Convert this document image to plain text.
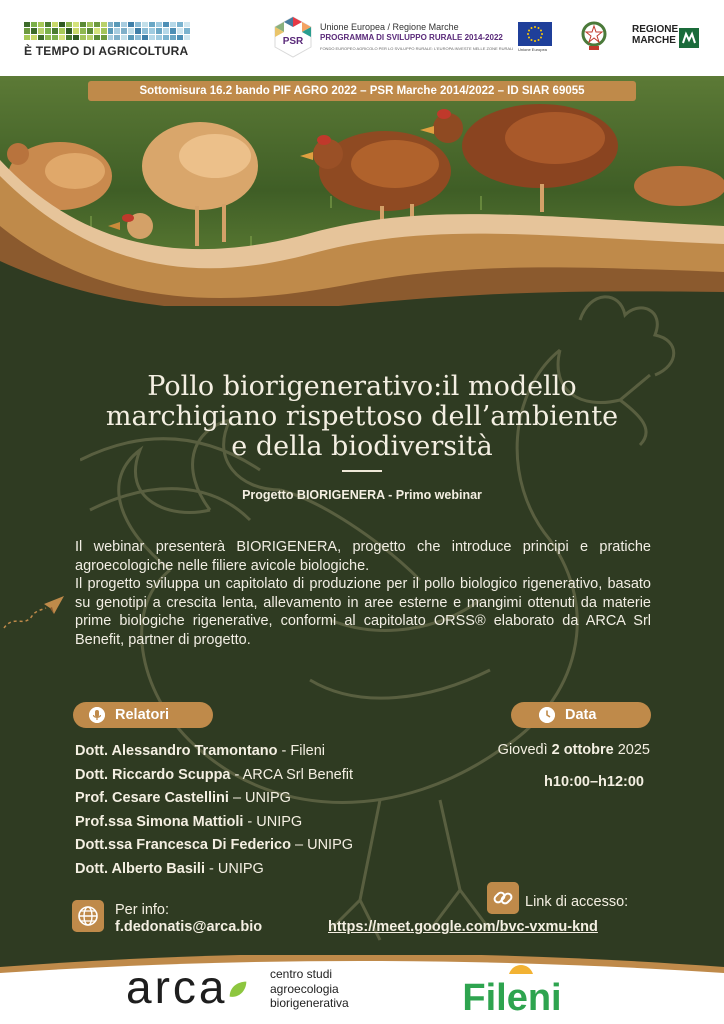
È TEMPO DI AGRICOLTURA
PSR
Unione Europea / Regione Marche
PROGRAMMA DI SVILUPPO RURALE 2014-2022
FONDO EUROPEO AGRICOLO PER LO SVILUPPO RURALE: L'EUROPA INVESTE NELLE ZONE RURALI Unione Europea
REGIONE MARCHE
Sottomisura 16.2 bando PIF AGRO 2022 – PSR Marche 2014/2022 – ID SIAR 69055
Pollo biorigenerativo:il modello
marchigiano rispettoso dell’ambiente
e della biodiversità
Progetto BIORIGENERA - Primo webinar

Il webinar presenterà BIORIGENERA, progetto che introduce principi e pratiche agroecologiche nelle filiere avicole biologiche.

Il progetto sviluppa un capitolato di produzione per il pollo biologico rigenerativo, basato su genotipi a crescita lenta, allevamento in aree esterne e mangimi ottenuti da materie prime biologiche rigenerative, conformi al capitolato ORSS® elaborato da ARCA Srl Benefit, partner di progetto.

Relatori	Data
Dott. Alessandro Tramontano - Fileni
Dott. Riccardo Scuppa - ARCA Srl Benefit
Prof. Cesare Castellini – UNIPG
Prof.ssa Simona Mattioli - UNIPG
Dott.ssa Francesca Di Federico – UNIPG
Dott. Alberto Basili - UNIPG
Giovedì 2 ottobre 2025
h10:00–h12:00
Per info:
f.dedonatis@arca.bio
Link di accesso:
https://meet.google.com/bvc-vxmu-knd
arca	centro studi
agroecologia
biorigenerativa	Fileni
